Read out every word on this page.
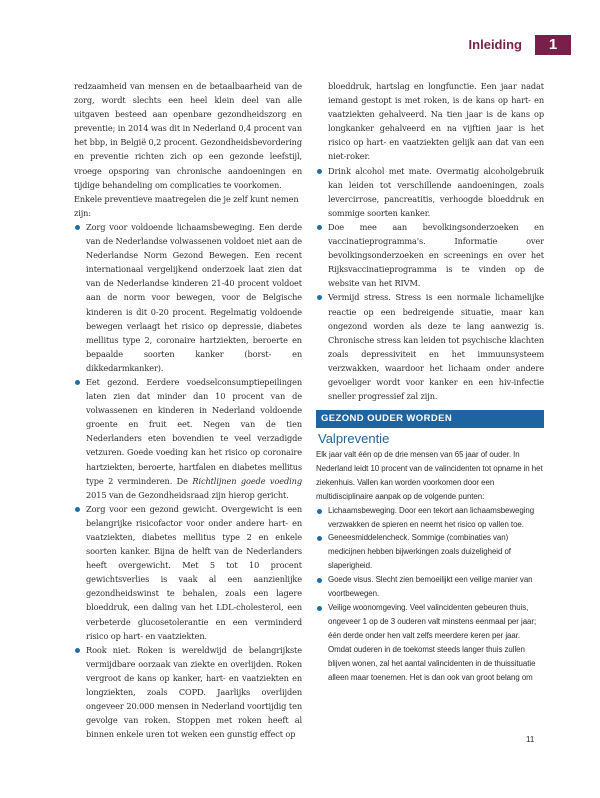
Inleiding	1

redzaamheid van mensen en de betaalbaarheid van de zorg, wordt slechts een heel klein deel van alle uitgaven besteed aan openbare gezondheidszorg en preventie; in 2014 was dit in Nederland 0,4 procent van het bbp, in België 0,2 procent. Gezondheidsbevordering en preventie richten zich op een gezonde leefstijl, vroege opsporing van chronische aandoeningen en tijdige behandeling om complicaties te voorkomen.

Enkele preventieve maatregelen die je zelf kunt nemen zijn:

Zorg voor voldoende lichaamsbeweging. Een derde van de Nederlandse volwassenen voldoet niet aan de Nederlandse Norm Gezond Bewegen. Een recent internationaal vergelijkend onderzoek laat zien dat van de Nederlandse kinderen 21-40 procent voldoet aan de norm voor bewegen, voor de Belgische kinderen is dit 0-20 procent. Regelmatig voldoende bewegen verlaagt het risico op depressie, diabetes mellitus type 2, coronaire hartziekten, beroerte en bepaalde soorten kanker (borst- en dikkedarmkanker).
Eet gezond. Eerdere voedselconsumptiepeilingen laten zien dat minder dan 10 procent van de volwassenen en kinderen in Nederland voldoende groente en fruit eet. Negen van de tien Nederlanders eten bovendien te veel verzadigde vetzuren. Goede voeding kan het risico op coronaire hartziekten, beroerte, hartfalen en diabetes mellitus type 2 verminderen. De Richtlijnen goede voeding 2015 van de Gezondheidsraad zijn hierop gericht.
Zorg voor een gezond gewicht. Overgewicht is een belangrijke risicofactor voor onder andere hart- en vaatziekten, diabetes mellitus type 2 en enkele soorten kanker. Bijna de helft van de Nederlanders heeft overgewicht. Met 5 tot 10 procent gewichtsverlies is vaak al een aanzienlijke gezondheidswinst te behalen, zoals een lagere bloeddruk, een daling van het LDL-cholesterol, een verbeterde glucosetolerantie en een verminderd risico op hart- en vaatziekten.
Rook niet. Roken is wereldwijd de belangrijkste vermijdbare oorzaak van ziekte en overlijden. Roken vergroot de kans op kanker, hart- en vaatziekten en longziekten, zoals COPD. Jaarlijks overlijden ongeveer 20.000 mensen in Nederland voortijdig ten gevolge van roken. Stoppen met roken heeft al binnen enkele uren tot weken een gunstig effect op

bloeddruk, hartslag en longfunctie. Een jaar nadat iemand gestopt is met roken, is de kans op hart- en vaatziekten gehalveerd. Na tien jaar is de kans op longkanker gehalveerd en na vijftien jaar is het risico op hart- en vaatziekten gelijk aan dat van een niet-roker.

Drink alcohol met mate. Overmatig alcoholgebruik kan leiden tot verschillende aandoeningen, zoals levercirrose, pancreatitis, verhoogde bloeddruk en sommige soorten kanker.
Doe mee aan bevolkingsonderzoeken en vaccinatieprogramma's. Informatie over bevolkingsonderzoeken en screenings en over het Rijksvaccinatieprogramma is te vinden op de website van het RIVM.
Vermijd stress. Stress is een normale lichamelijke reactie op een bedreigende situatie, maar kan ongezond worden als deze te lang aanwezig is. Chronische stress kan leiden tot psychische klachten zoals depressiviteit en het immuunsysteem verzwakken, waardoor het lichaam onder andere gevoeliger wordt voor kanker en een hiv-infectie sneller progressief zal zijn.
GEZOND OUDER WORDEN
Valpreventie

Elk jaar valt één op de drie mensen van 65 jaar of ouder. In Nederland leidt 10 procent van de valincidenten tot opname in het ziekenhuis. Vallen kan worden voorkomen door een multidisciplinaire aanpak op de volgende punten:

Lichaamsbeweging. Door een tekort aan lichaamsbeweging verzwakken de spieren en neemt het risico op vallen toe.
Geneesmiddelencheck. Sommige (combinaties van) medicijnen hebben bijwerkingen zoals duizeligheid of slaperigheid.
Goede visus. Slecht zien bemoeilijkt een veilige manier van voortbewegen.
Veilige woonomgeving. Veel valincidenten gebeuren thuis, ongeveer 1 op de 3 ouderen valt minstens eenmaal per jaar; één derde onder hen valt zelfs meerdere keren per jaar. Omdat ouderen in de toekomst steeds langer thuis zullen blijven wonen, zal het aantal valincidenten in de thuissituatie alleen maar toenemen. Het is dan ook van groot belang om
11
